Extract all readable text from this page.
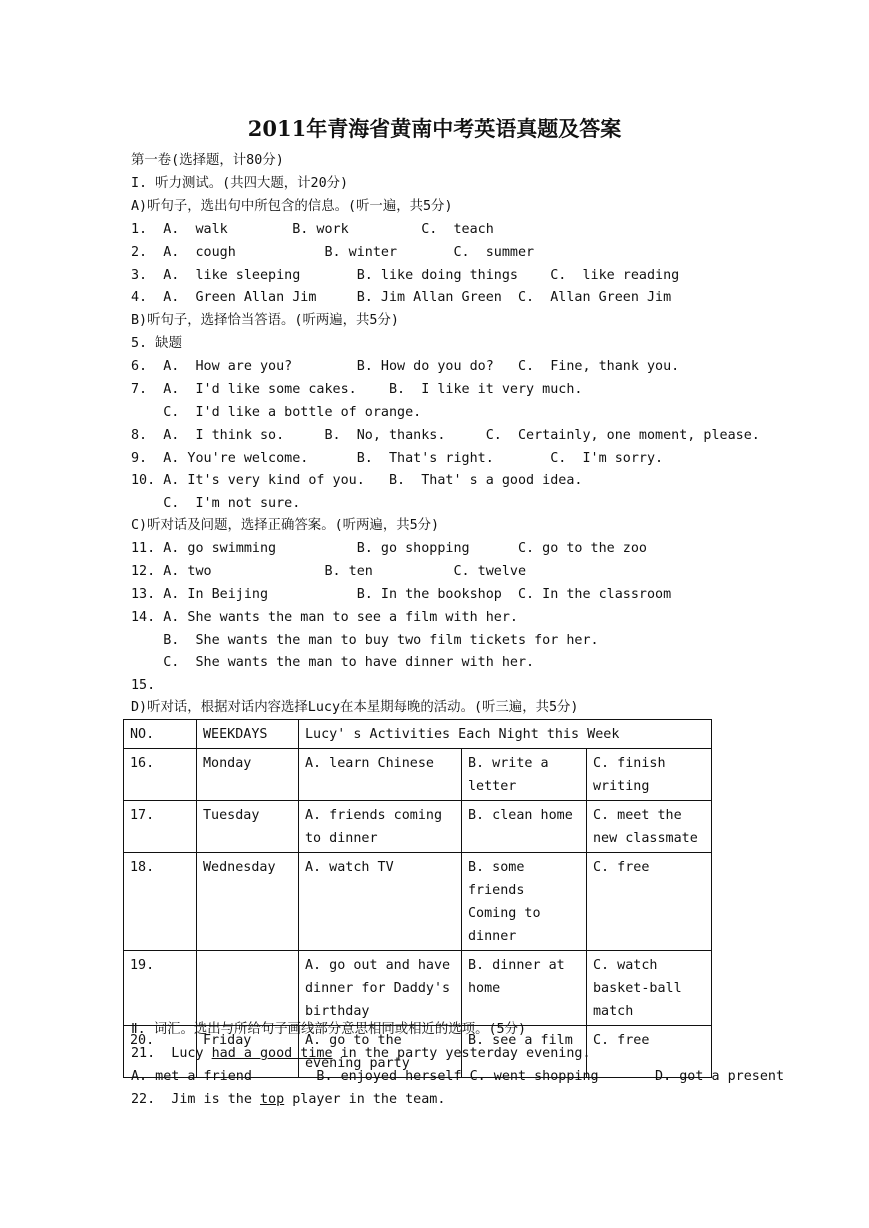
2011年青海省黄南中考英语真题及答案
第一卷(选择题，计80分)
I. 听力测试。(共四大题，计20分)
A)听句子，选出句中所包含的信息。(听一遍，共5分)
1.  A.  walk        B. work         C.  teach
2.  A.  cough           B. winter       C.  summer
3.  A.  like sleeping       B. like doing things    C.  like reading
4.  A.  Green Allan Jim     B. Jim Allan Green  C.  Allan Green Jim
B)听句子，选择恰当答语。(听两遍，共5分)
5. 缺题
6.  A.  How are you?        B. How do you do?   C.  Fine, thank you.
7.  A.  I'd like some cakes.    B.  I like it very much.
C.  I'd like a bottle of orange.
8.  A.  I think so.     B.  No, thanks.     C.  Certainly, one moment, please.
9.  A. You're welcome.      B.  That's right.       C.  I'm sorry.
10. A. It's very kind of you.   B.  That' s a good idea.
C.  I'm not sure.
C)听对话及问题，选择正确答案。(听两遍，共5分)
11. A. go swimming          B. go shopping      C. go to the zoo
12. A. two              B. ten          C. twelve
13. A. In Beijing           B. In the bookshop  C. In the classroom
14. A. She wants the man to see a film with her.
B.  She wants the man to buy two film tickets for her.
C.  She wants the man to have dinner with her.
15.
D)听对话，根据对话内容选择Lucy在本星期每晚的活动。(听三遍，共5分)
NO.	WEEKDAYS	Lucy' s Activities Each Night this Week		
16.	Monday	A. learn Chinese	B. write a letter	C. finish writing
17.	Tuesday	A. friends coming to dinner	B. clean home	C. meet the new classmate
18.	Wednesday	A. watch TV	B. some friends Coming to dinner	C. free
19.		A. go out and have dinner for Daddy's birthday	B. dinner at home	C. watch basket-ball match
20.	Friday	A. go to the evening party	B. see a film	C. free
Ⅱ. 词汇。选出与所给句子画线部分意思相同或相近的选项。(5分)
21.  Lucy had a good time in the party yesterday evening.
A. met a friend        B. enjoyed herself C. went shopping       D. got a present
22.  Jim is the top player in the team.
